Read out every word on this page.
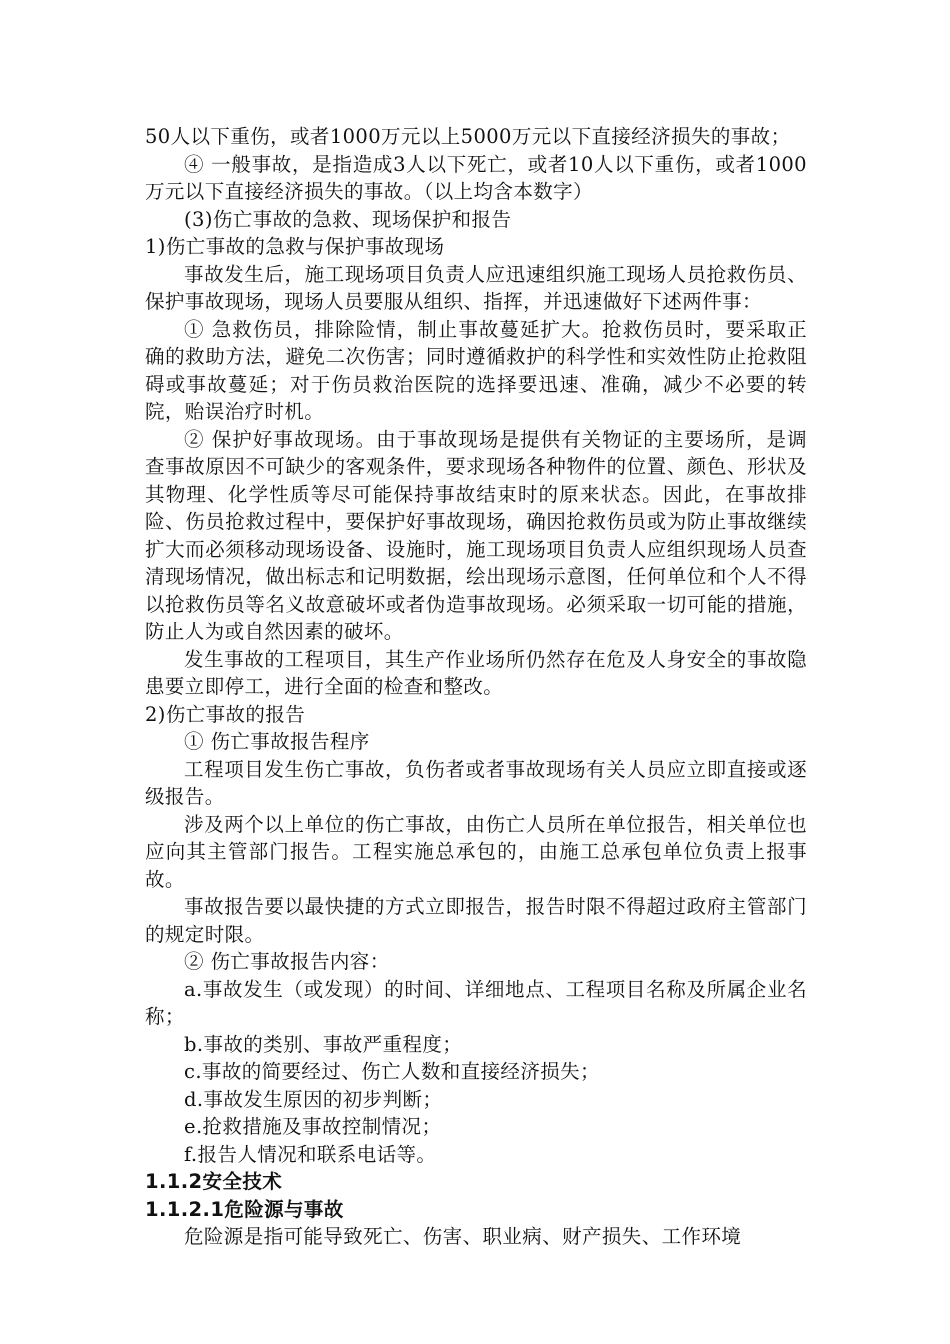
50人以下重伤，或者1000万元以上5000万元以下直接经济损失的事故；

④ 一般事故，是指造成3人以下死亡，或者10人以下重伤，或者1000万元以下直接经济损失的事故。（以上均含本数字）

(3)伤亡事故的急救、现场保护和报告

1)伤亡事故的急救与保护事故现场

事故发生后，施工现场项目负责人应迅速组织施工现场人员抢救伤员、保护事故现场，现场人员要服从组织、指挥，并迅速做好下述两件事：

① 急救伤员，排除险情，制止事故蔓延扩大。抢救伤员时，要采取正确的救助方法，避免二次伤害；同时遵循救护的科学性和实效性防止抢救阻碍或事故蔓延；对于伤员救治医院的选择要迅速、准确，减少不必要的转院，贻误治疗时机。

② 保护好事故现场。由于事故现场是提供有关物证的主要场所，是调查事故原因不可缺少的客观条件，要求现场各种物件的位置、颜色、形状及其物理、化学性质等尽可能保持事故结束时的原来状态。因此，在事故排险、伤员抢救过程中，要保护好事故现场，确因抢救伤员或为防止事故继续扩大而必须移动现场设备、设施时，施工现场项目负责人应组织现场人员查清现场情况，做出标志和记明数据，绘出现场示意图，任何单位和个人不得以抢救伤员等名义故意破坏或者伪造事故现场。必须采取一切可能的措施，防止人为或自然因素的破坏。

发生事故的工程项目，其生产作业场所仍然存在危及人身安全的事故隐患要立即停工，进行全面的检查和整改。

2)伤亡事故的报告

① 伤亡事故报告程序

工程项目发生伤亡事故，负伤者或者事故现场有关人员应立即直接或逐级报告。

涉及两个以上单位的伤亡事故，由伤亡人员所在单位报告，相关单位也应向其主管部门报告。工程实施总承包的，由施工总承包单位负责上报事故。

事故报告要以最快捷的方式立即报告，报告时限不得超过政府主管部门的规定时限。

② 伤亡事故报告内容：

a.事故发生（或发现）的时间、详细地点、工程项目名称及所属企业名称；

b.事故的类别、事故严重程度；

c.事故的简要经过、伤亡人数和直接经济损失；

d.事故发生原因的初步判断；

e.抢救措施及事故控制情况；

f.报告人情况和联系电话等。

1.1.2安全技术

1.1.2.1危险源与事故

危险源是指可能导致死亡、伤害、职业病、财产损失、工作环境
